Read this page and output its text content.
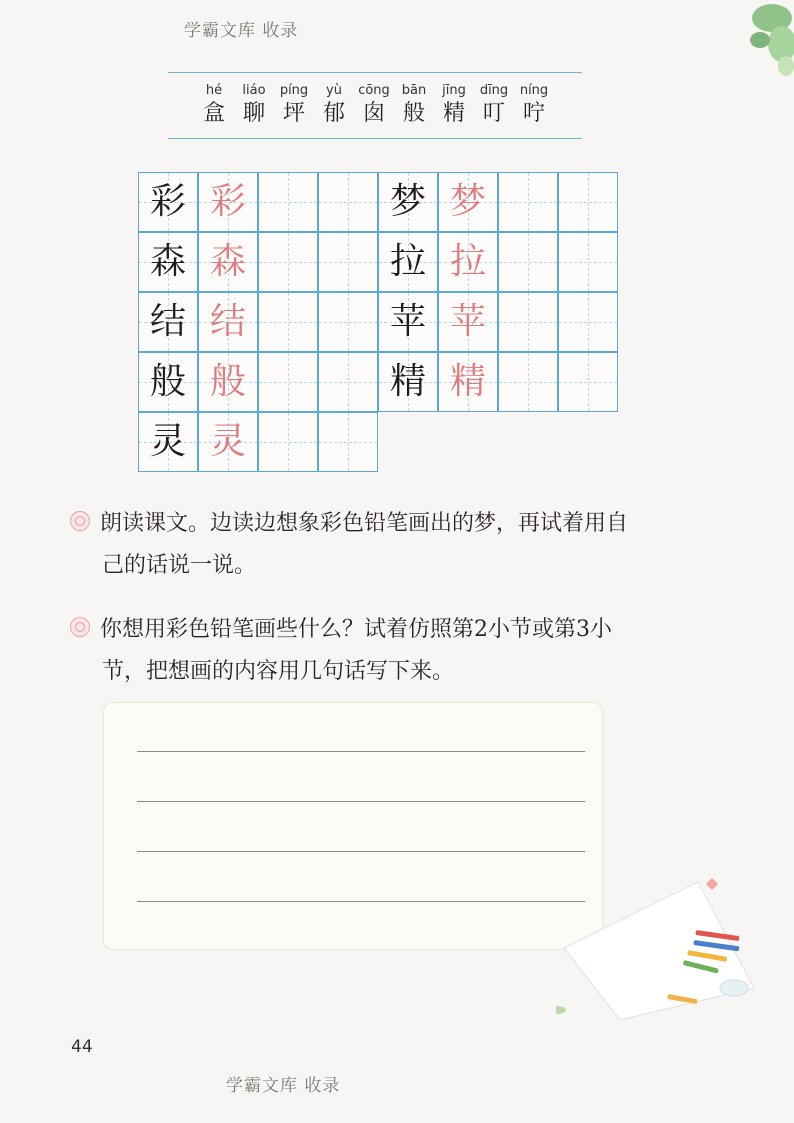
学霸文库 收录
hé
盒
liáo
聊
píng
坪
yù
郁
cōng
囱
bān
般
jīng
精
dīng
叮
níng
咛
彩 彩
森 森
结 结
般 般
灵 灵
梦 梦
拉 拉
苹 苹
精 精
朗读课文。边读边想象彩色铅笔画出的梦，再试着用自
己的话说一说。
你想用彩色铅笔画些什么？试着仿照第2小节或第3小
节，把想画的内容用几句话写下来。
44
学霸文库 收录
